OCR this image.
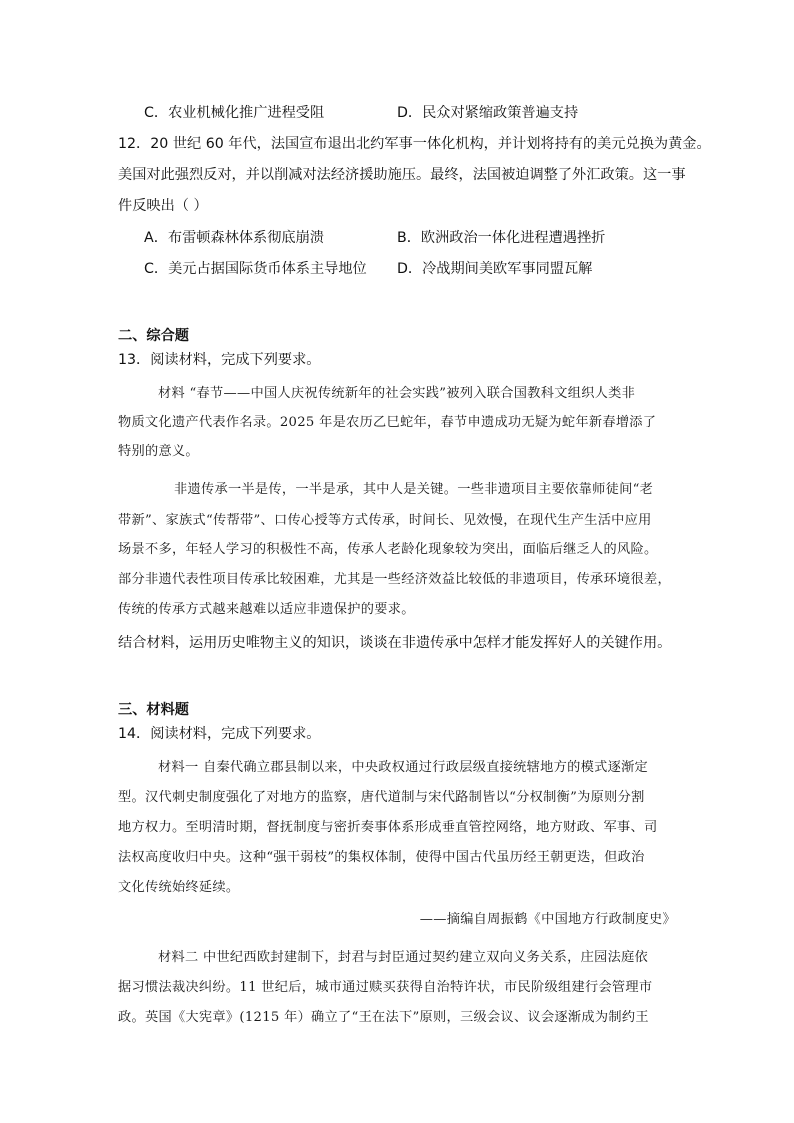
C．农业机械化推广进程受阻	D．民众对紧缩政策普遍支持
12．20 世纪 60 年代，法国宣布退出北约军事一体化机构，并计划将持有的美元兑换为黄金。
美国对此强烈反对，并以削减对法经济援助施压。最终，法国被迫调整了外汇政策。这一事
件反映出（ ）
A．布雷顿森林体系彻底崩溃	B．欧洲政治一体化进程遭遇挫折
C．美元占据国际货币体系主导地位 D．冷战期间美欧军事同盟瓦解
二、综合题
13．阅读材料，完成下列要求。
材料 “春节——中国人庆祝传统新年的社会实践”被列入联合国教科文组织人类非
物质文化遗产代表作名录。2025 年是农历乙巳蛇年，春节申遗成功无疑为蛇年新春增添了
特别的意义。
非遗传承一半是传，一半是承，其中人是关键。一些非遗项目主要依靠师徒间“老
带新”、家族式“传帮带”、口传心授等方式传承，时间长、见效慢，在现代生产生活中应用
场景不多，年轻人学习的积极性不高，传承人老龄化现象较为突出，面临后继乏人的风险。
部分非遗代表性项目传承比较困难，尤其是一些经济效益比较低的非遗项目，传承环境很差，
传统的传承方式越来越难以适应非遗保护的要求。
结合材料，运用历史唯物主义的知识，谈谈在非遗传承中怎样才能发挥好人的关键作用。
三、材料题
14．阅读材料，完成下列要求。
材料一 自秦代确立郡县制以来，中央政权通过行政层级直接统辖地方的模式逐渐定
型。汉代刺史制度强化了对地方的监察，唐代道制与宋代路制皆以“分权制衡”为原则分割
地方权力。至明清时期，督抚制度与密折奏事体系形成垂直管控网络，地方财政、军事、司
法权高度收归中央。这种“强干弱枝”的集权体制，使得中国古代虽历经王朝更迭，但政治
文化传统始终延续。
——摘编自周振鹤《中国地方行政制度史》
材料二 中世纪西欧封建制下，封君与封臣通过契约建立双向义务关系，庄园法庭依
据习惯法裁决纠纷。11 世纪后，城市通过赎买获得自治特许状，市民阶级组建行会管理市
政。英国《大宪章》(1215 年）确立了“王在法下”原则，三级会议、议会逐渐成为制约王
